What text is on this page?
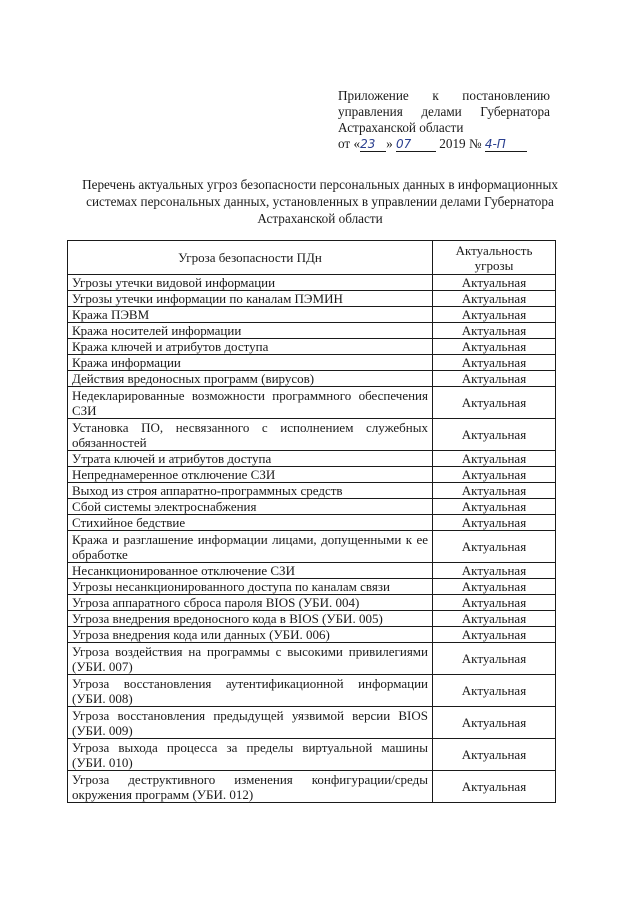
Приложение к постановлению
управления делами Губернатора
Астраханской области
от «23 » 07 2019 № 4-П
Перечень актуальных угроз безопасности персональных данных в информационных системах персональных данных, установленных в управлении делами Губернатора Астраханской области
Угроза безопасности ПДн	Актуальность угрозы
Угрозы утечки видовой информации	Актуальная
Угрозы утечки информации по каналам ПЭМИН	Актуальная
Кража ПЭВМ	Актуальная
Кража носителей информации	Актуальная
Кража ключей и атрибутов доступа	Актуальная
Кража информации	Актуальная
Действия вредоносных программ (вирусов)	Актуальная
Недекларированные возможности программного обеспечения СЗИ	Актуальная
Установка ПО, несвязанного с исполнением служебных обязанностей	Актуальная
Утрата ключей и атрибутов доступа	Актуальная
Непреднамеренное отключение СЗИ	Актуальная
Выход из строя аппаратно-программных средств	Актуальная
Сбой системы электроснабжения	Актуальная
Стихийное бедствие	Актуальная
Кража и разглашение информации лицами, допущенными к ее обработке	Актуальная
Несанкционированное отключение СЗИ	Актуальная
Угрозы несанкционированного доступа по каналам связи	Актуальная
Угроза аппаратного сброса пароля BIOS (УБИ. 004)	Актуальная
Угроза внедрения вредоносного кода в BIOS (УБИ. 005)	Актуальная
Угроза внедрения кода или данных (УБИ. 006)	Актуальная
Угроза воздействия на программы с высокими привилегиями (УБИ. 007)	Актуальная
Угроза восстановления аутентификационной информации (УБИ. 008)	Актуальная
Угроза восстановления предыдущей уязвимой версии BIOS (УБИ. 009)	Актуальная
Угроза выхода процесса за пределы виртуальной машины (УБИ. 010)	Актуальная
Угроза деструктивного изменения конфигурации/среды окружения программ (УБИ. 012)	Актуальная
